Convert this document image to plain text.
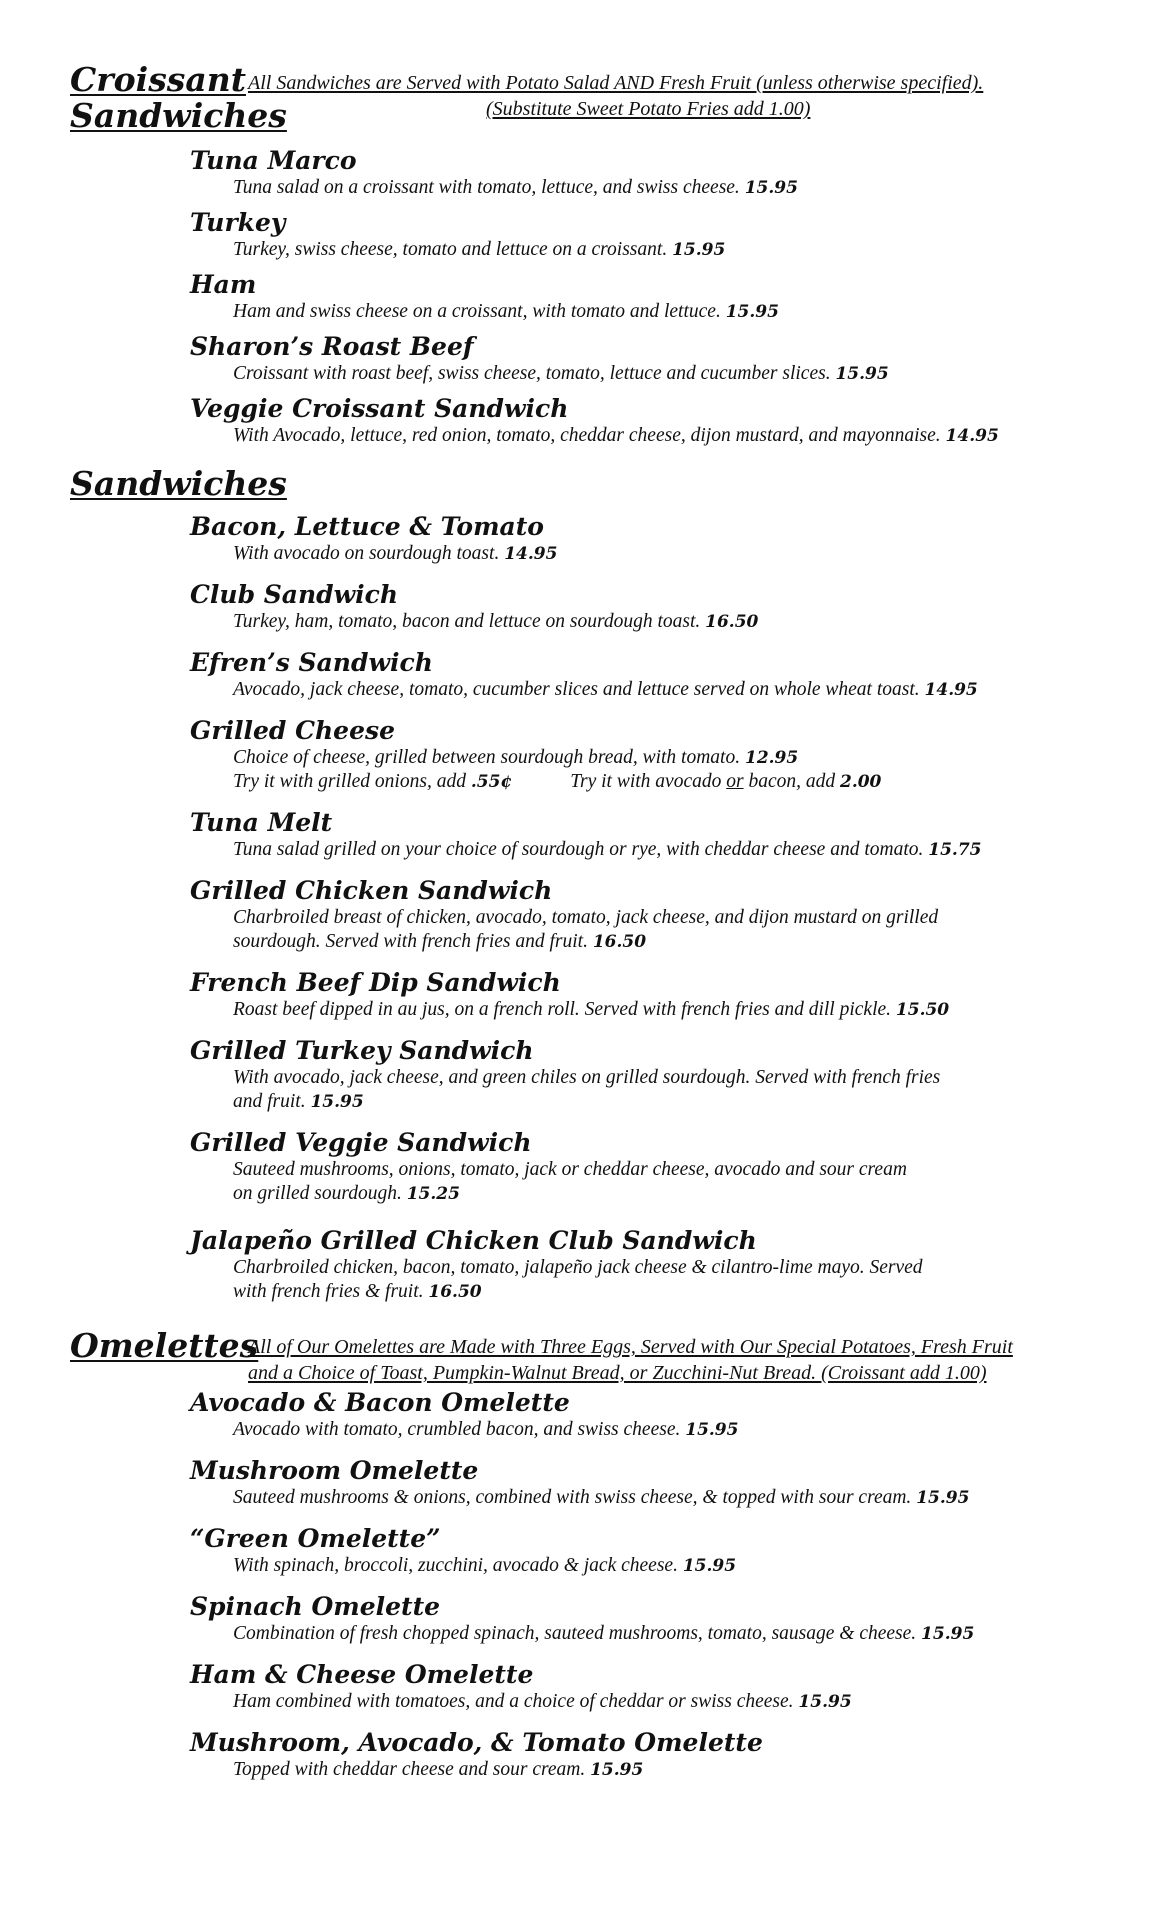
Croissant
Sandwiches
All Sandwiches are Served with Potato Salad AND Fresh Fruit (unless otherwise specified).
(Substitute Sweet Potato Fries add 1.00)
Tuna Marco
Tuna salad on a croissant with tomato, lettuce, and swiss cheese. 15.95
Turkey
Turkey, swiss cheese, tomato and lettuce on a croissant. 15.95
Ham
Ham and swiss cheese on a croissant, with tomato and lettuce. 15.95
Sharon’s Roast Beef
Croissant with roast beef, swiss cheese, tomato, lettuce and cucumber slices. 15.95
Veggie Croissant Sandwich
With Avocado, lettuce, red onion, tomato, cheddar cheese, dijon mustard, and mayonnaise. 14.95
Sandwiches
Bacon, Lettuce & Tomato
With avocado on sourdough toast. 14.95
Club Sandwich
Turkey, ham, tomato, bacon and lettuce on sourdough toast. 16.50
Efren’s Sandwich
Avocado, jack cheese, tomato, cucumber slices and lettuce served on whole wheat toast. 14.95
Grilled Cheese
Choice of cheese, grilled between sourdough bread, with tomato. 12.95
Try it with grilled onions, add .55¢	Try it with avocado or bacon, add 2.00
Tuna Melt
Tuna salad grilled on your choice of sourdough or rye, with cheddar cheese and tomato. 15.75
Grilled Chicken Sandwich
Charbroiled breast of chicken, avocado, tomato, jack cheese, and dijon mustard on grilled
sourdough. Served with french fries and fruit. 16.50
French Beef Dip Sandwich
Roast beef dipped in au jus, on a french roll. Served with french fries and dill pickle. 15.50
Grilled Turkey Sandwich
With avocado, jack cheese, and green chiles on grilled sourdough. Served with french fries
and fruit. 15.95
Grilled Veggie Sandwich
Sauteed mushrooms, onions, tomato, jack or cheddar cheese, avocado and sour cream
on grilled sourdough. 15.25
Jalapeño Grilled Chicken Club Sandwich
Charbroiled chicken, bacon, tomato, jalapeño jack cheese & cilantro-lime mayo. Served
with french fries & fruit. 16.50
Omelettes
All of Our Omelettes are Made with Three Eggs, Served with Our Special Potatoes, Fresh Fruit
and a Choice of Toast, Pumpkin-Walnut Bread, or Zucchini-Nut Bread. (Croissant add 1.00)
Avocado & Bacon Omelette
Avocado with tomato, crumbled bacon, and swiss cheese. 15.95
Mushroom Omelette
Sauteed mushrooms & onions, combined with swiss cheese, & topped with sour cream. 15.95
“Green Omelette”
With spinach, broccoli, zucchini, avocado & jack cheese. 15.95
Spinach Omelette
Combination of fresh chopped spinach, sauteed mushrooms, tomato, sausage & cheese. 15.95
Ham & Cheese Omelette
Ham combined with tomatoes, and a choice of cheddar or swiss cheese. 15.95
Mushroom, Avocado, & Tomato Omelette
Topped with cheddar cheese and sour cream. 15.95
